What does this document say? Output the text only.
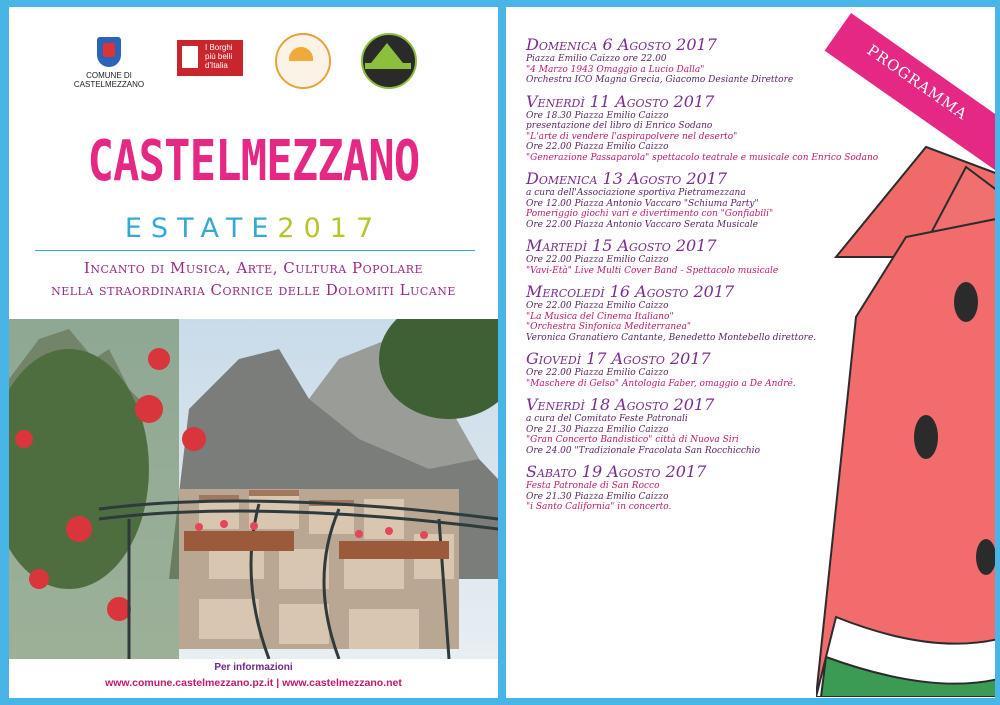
COMUNE DI
CASTELMEZZANO
I Borghi più belli d'Italia
CASTELMEZZANO
ESTATE2017
Incanto di Musica, Arte, Cultura Popolare
nella straordinaria Cornice delle Dolomiti Lucane
Per informazioni
www.comune.castelmezzano.pz.it | www.castelmezzano.net
PROGRAMMA
Domenica 6 Agosto 2017
Piazza Emilio Caizzo ore 22.00
"4 Marzo 1943 Omaggio a Lucio Dalla"
Orchestra ICO Magna Grecia, Giacomo Desiante Direttore
Venerdì 11 Agosto 2017
Ore 18.30 Piazza Emilio Caizzo
presentazione del libro di Enrico Sodano
"L'arte di vendere l'aspirapolvere nel deserto"
Ore 22.00 Piazza Emilio Caizzo
"Generazione Passaparola" spettacolo teatrale e musicale con Enrico Sodano
Domenica 13 Agosto 2017
a cura dell'Associazione sportiva Pietramezzana
Ore 12.00 Piazza Antonio Vaccaro "Schiuma Party"
Pomeriggio giochi vari e divertimento con "Gonfiabili"
Ore 22.00 Piazza Antonio Vaccaro Serata Musicale
Martedì 15 Agosto 2017
Ore 22.00 Piazza Emilio Caizzo
"Vavi-Età" Live Multi Cover Band - Spettacolo musicale
Mercoledì 16 Agosto 2017
Ore 22.00 Piazza Emilio Caizzo
"La Musica del Cinema Italiano"
"Orchestra Sinfonica Mediterranea"
Veronica Granatiero Cantante, Benedetto Montebello direttore.
Giovedì 17 Agosto 2017
Ore 22.00 Piazza Emilio Caizzo
"Maschere di Gelso" Antologia Faber, omaggio a De André.
Venerdì 18 Agosto 2017
a cura del Comitato Feste Patronali
Ore 21.30 Piazza Emilio Caizzo
"Gran Concerto Bandistico" città di Nuova Siri
Ore 24.00 "Tradizionale Fracolata San Rocchicchio
Sabato 19 Agosto 2017
Festa Patronale di San Rocco
Ore 21.30 Piazza Emilio Caizzo
"i Santo California" in concerto.
